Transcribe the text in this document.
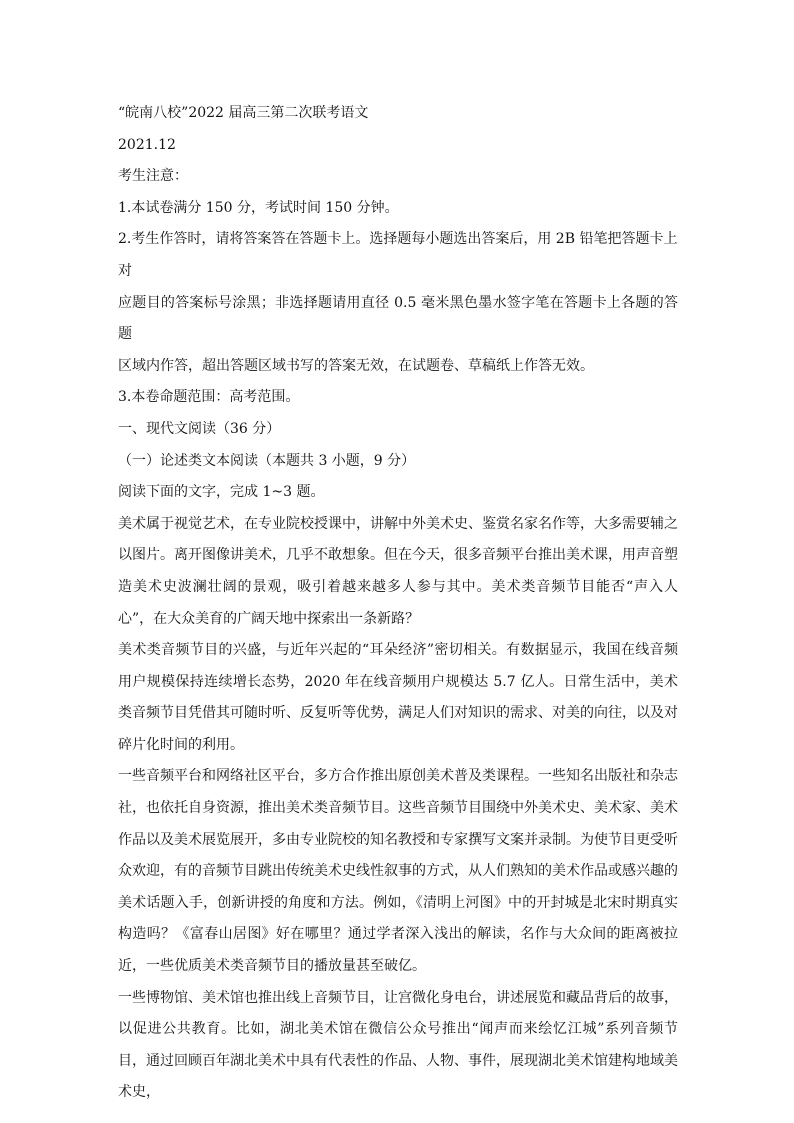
“皖南八校”2022 届高三第二次联考语文

2021.12

考生注意：

1.本试卷满分 150 分，考试时间 150 分钟。

2.考生作答时，请将答案答在答题卡上。选择题每小题选出答案后，用 2B 铅笔把答题卡上

对

应题目的答案标号涂黑；非选择题请用直径 0.5 毫米黑色墨水签字笔在答题卡上各题的答题

区域内作答，超出答题区域书写的答案无效，在试题卷、草稿纸上作答无效。

3.本卷命题范围：高考范围。

一、现代文阅读（36 分）

（一）论述类文本阅读（本题共 3 小题，9 分）

阅读下面的文字，完成 1~3 题。

美术属于视觉艺术，在专业院校授课中，讲解中外美术史、鉴赏名家名作等，大多需要辅之以图片。离开图像讲美术，几乎不敢想象。但在今天，很多音频平台推出美术课，用声音塑造美术史波澜壮阔的景观，吸引着越来越多人参与其中。美术类音频节目能否“声入人心”，在大众美育的广阔天地中探索出一条新路？

美术类音频节目的兴盛，与近年兴起的“耳朵经济”密切相关。有数据显示，我国在线音频用户规模保持连续增长态势，2020 年在线音频用户规模达 5.7 亿人。日常生活中，美术类音频节目凭借其可随时听、反复听等优势，满足人们对知识的需求、对美的向往，以及对碎片化时间的利用。

一些音频平台和网络社区平台，多方合作推出原创美术普及类课程。一些知名出版社和杂志社，也依托自身资源，推出美术类音频节目。这些音频节目围绕中外美术史、美术家、美术作品以及美术展览展开，多由专业院校的知名教授和专家撰写文案并录制。为使节目更受听众欢迎，有的音频节目跳出传统美术史线性叙事的方式，从人们熟知的美术作品或感兴趣的美术话题入手，创新讲授的角度和方法。例如，《清明上河图》中的开封城是北宋时期真实构造吗？《富春山居图》好在哪里？通过学者深入浅出的解读，名作与大众间的距离被拉近，一些优质美术类音频节目的播放量甚至破亿。

一些博物馆、美术馆也推出线上音频节目，让宫微化身电台，讲述展览和藏品背后的故事，以促进公共教育。比如，湖北美术馆在微信公众号推出“闻声而来绘忆江城”系列音频节目，通过回顾百年湖北美术中具有代表性的作品、人物、事件，展现湖北美术馆建构地域美术史，
